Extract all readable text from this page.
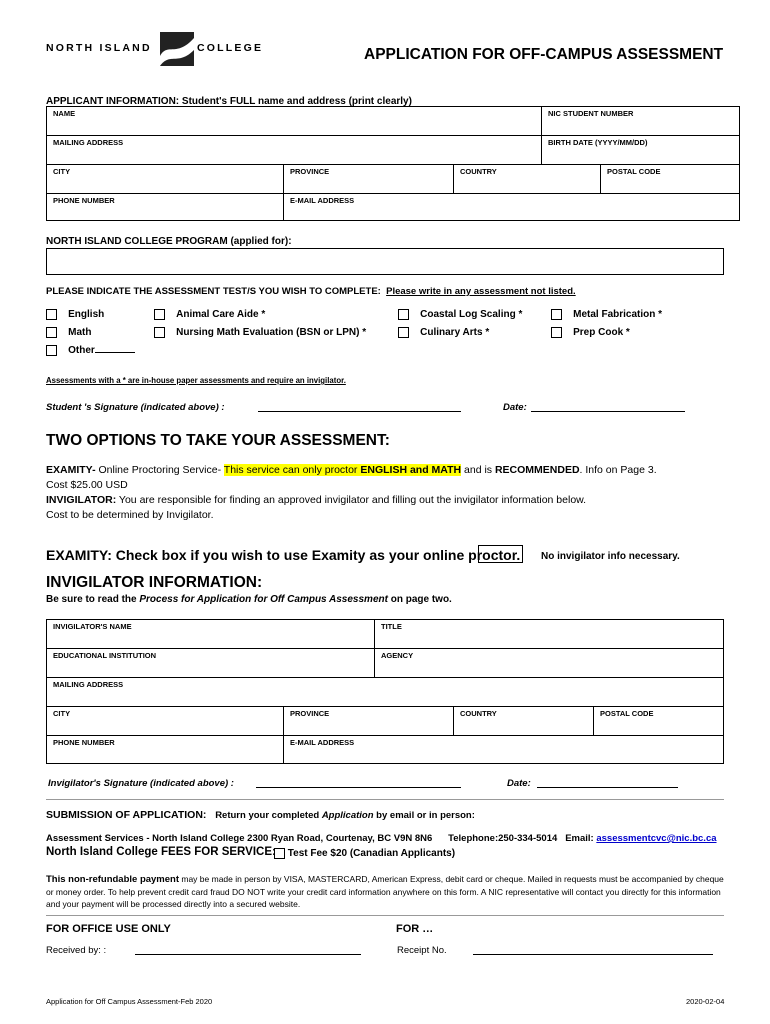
NORTH ISLAND	COLLEGE	APPLICATION FOR OFF-CAMPUS ASSESSMENT
APPLICANT INFORMATION: Student's FULL name and address (print clearly)
NAME	NIC STUDENT NUMBER
MAILING ADDRESS	BIRTH DATE (YYYY/MM/DD)
CITY	PROVINCE	COUNTRY	POSTAL CODE
PHONE NUMBER	E-MAIL ADDRESS
NORTH ISLAND COLLEGE PROGRAM (applied for):
PLEASE INDICATE THE ASSESSMENT TEST/S YOU WISH TO COMPLETE: Please write in any assessment not listed.
English
Math
Other
Animal Care Aide *
Nursing Math Evaluation (BSN or LPN) *
Coastal Log Scaling *
Culinary Arts *
Metal Fabrication *
Prep Cook *
Assessments with a * are in-house paper assessments and require an invigilator.
Student 's Signature (indicated above) :	Date:
TWO OPTIONS TO TAKE YOUR ASSESSMENT:
EXAMITY- Online Proctoring Service- This service can only proctor ENGLISH and MATH and is RECOMMENDED. Info on Page 3.
Cost $25.00 USD
INVIGILATOR: You are responsible for finding an approved invigilator and filling out the invigilator information below.
Cost to be determined by Invigilator.
EXAMITY: Check box if you wish to use Examity as your online proctor. No invigilator info necessary.
INVIGILATOR INFORMATION:
Be sure to read the Process for Application for Off Campus Assessment on page two.
INVIGILATOR'S NAME	TITLE
EDUCATIONAL INSTITUTION	AGENCY
MAILING ADDRESS
CITY	PROVINCE	COUNTRY	POSTAL CODE
PHONE NUMBER	E-MAIL ADDRESS
Invigilator's Signature (indicated above) :	Date:
SUBMISSION OF APPLICATION: Return your completed Application by email or in person:
Assessment Services - North Island College 2300 Ryan Road, Courtenay, BC V9N 8N6 Telephone:250-334-5014 Email: assessmentcvc@nic.bc.ca
North Island College FEES FOR SERVICE:	Test Fee $20 (Canadian Applicants)
This non-refundable payment may be made in person by VISA, MASTERCARD, American Express, debit card or cheque. Mailed in requests must be accompanied by cheque or money order. To help prevent credit card fraud DO NOT write your credit card information anywhere on this form. A NIC representative will contact you directly for this information and your payment will be processed directly into a secured website.
FOR OFFICE USE ONLY	FOR …
Received by: :	Receipt No.
Application for Off Campus Assessment-Feb 2020	2020-02-04
